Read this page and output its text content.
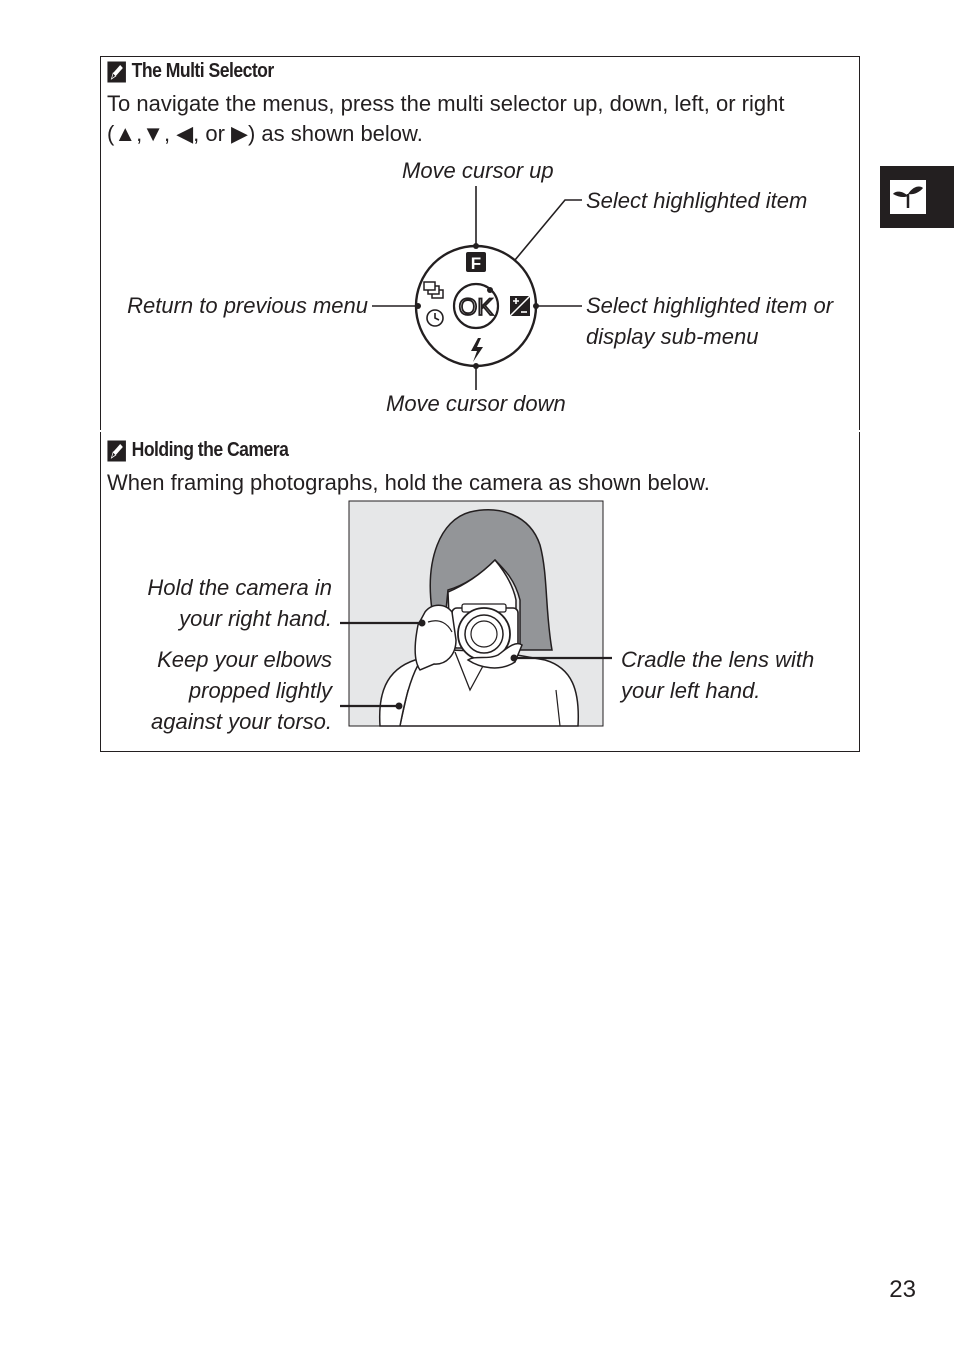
The Multi Selector
To navigate the menus, press the multi selector up, down, left, or right
(▲,▼, ◀, or ▶) as shown below.
OK
F
Move cursor up
Select highlighted item
Return to previous menu	Select highlighted item or
display sub-menu
Move cursor down
Holding the Camera
When framing photographs, hold the camera as shown below.
Hold the camera in
your right hand.
Keep your elbows
propped lightly
against your torso.
Cradle the lens with
your left hand.
23
